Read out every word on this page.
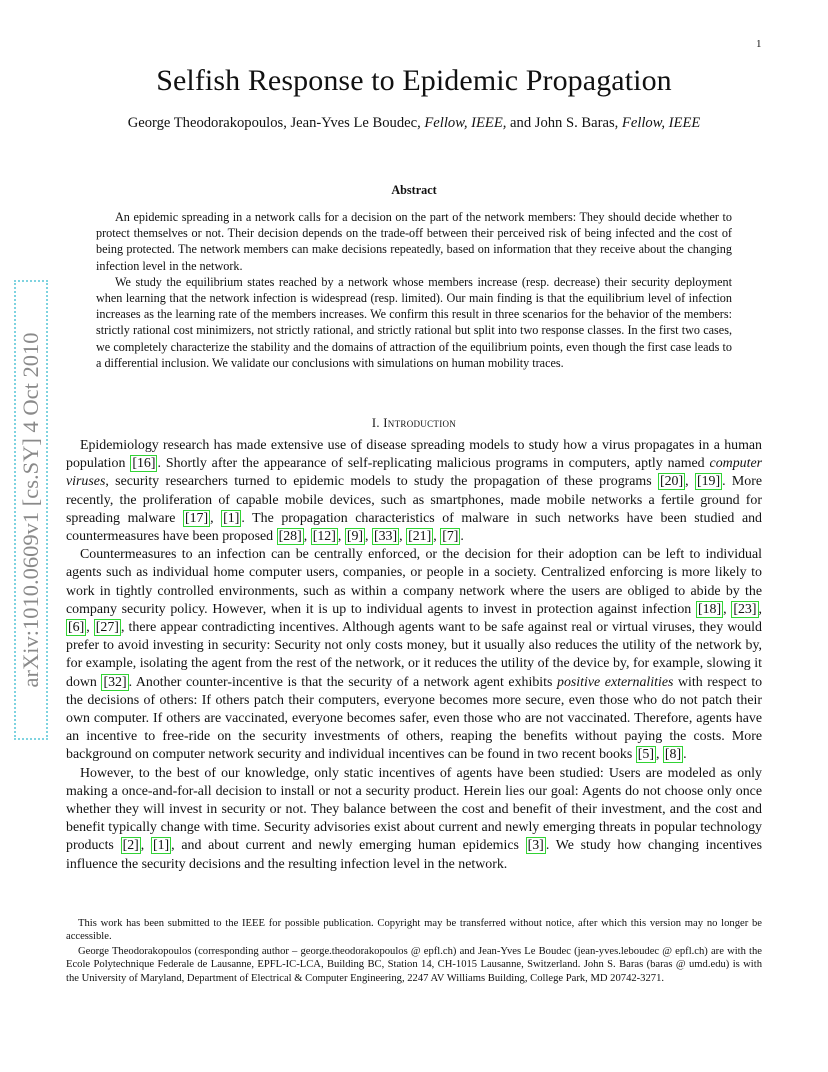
1
arXiv:1010.0609v1 [cs.SY] 4 Oct 2010
Selfish Response to Epidemic Propagation
George Theodorakopoulos, Jean-Yves Le Boudec, Fellow, IEEE, and John S. Baras, Fellow, IEEE
Abstract

An epidemic spreading in a network calls for a decision on the part of the network members: They should decide whether to protect themselves or not. Their decision depends on the trade-off between their perceived risk of being infected and the cost of being protected. The network members can make decisions repeatedly, based on information that they receive about the changing infection level in the network.

We study the equilibrium states reached by a network whose members increase (resp. decrease) their security deployment when learning that the network infection is widespread (resp. limited). Our main finding is that the equilibrium level of infection increases as the learning rate of the members increases. We confirm this result in three scenarios for the behavior of the members: strictly rational cost minimizers, not strictly rational, and strictly rational but split into two response classes. In the first two cases, we completely characterize the stability and the domains of attraction of the equilibrium points, even though the first case leads to a differential inclusion. We validate our conclusions with simulations on human mobility traces.

I. Introduction

Epidemiology research has made extensive use of disease spreading models to study how a virus propagates in a human population [16] . Shortly after the appearance of self-replicating malicious programs in computers, aptly named computer viruses, security researchers turned to epidemic models to study the propagation of these programs [20] , [19] . More recently, the proliferation of capable mobile devices, such as smartphones, made mobile networks a fertile ground for spreading malware [17] , [1] . The propagation characteristics of malware in such networks have been studied and countermeasures have been proposed [28] , [12] , [9] , [33] , [21] , [7] .

Countermeasures to an infection can be centrally enforced, or the decision for their adoption can be left to individual agents such as individual home computer users, companies, or people in a society. Centralized enforcing is more likely to work in tightly controlled environments, such as within a company network where the users are obliged to abide by the company security policy. However, when it is up to individual agents to invest in protection against infection [18] , [23] , [6] , [27] , there appear contradicting incentives. Although agents want to be safe against real or virtual viruses, they would prefer to avoid investing in security: Security not only costs money, but it usually also reduces the utility of the network by, for example, isolating the agent from the rest of the network, or it reduces the utility of the device by, for example, slowing it down [32] . Another counter-incentive is that the security of a network agent exhibits positive externalities with respect to the decisions of others: If others patch their computers, everyone becomes more secure, even those who do not patch their own computer. If others are vaccinated, everyone becomes safer, even those who are not vaccinated. Therefore, agents have an incentive to free-ride on the security investments of others, reaping the benefits without paying the costs. More background on computer network security and individual incentives can be found in two recent books [5] , [8] .

However, to the best of our knowledge, only static incentives of agents have been studied: Users are modeled as only making a once-and-for-all decision to install or not a security product. Herein lies our goal: Agents do not choose only once whether they will invest in security or not. They balance between the cost and benefit of their investment, and the cost and benefit typically change with time. Security advisories exist about current and newly emerging threats in popular technology products [2] , [1] , and about current and newly emerging human epidemics [3] . We study how changing incentives influence the security decisions and the resulting infection level in the network.

This work has been submitted to the IEEE for possible publication. Copyright may be transferred without notice, after which this version may no longer be accessible.

George Theodorakopoulos (corresponding author – george.theodorakopoulos @ epfl.ch) and Jean-Yves Le Boudec (jean-yves.leboudec @ epfl.ch) are with the Ecole Polytechnique Federale de Lausanne, EPFL-IC-LCA, Building BC, Station 14, CH-1015 Lausanne, Switzerland. John S. Baras (baras @ umd.edu) is with the University of Maryland, Department of Electrical & Computer Engineering, 2247 AV Williams Building, College Park, MD 20742-3271.
